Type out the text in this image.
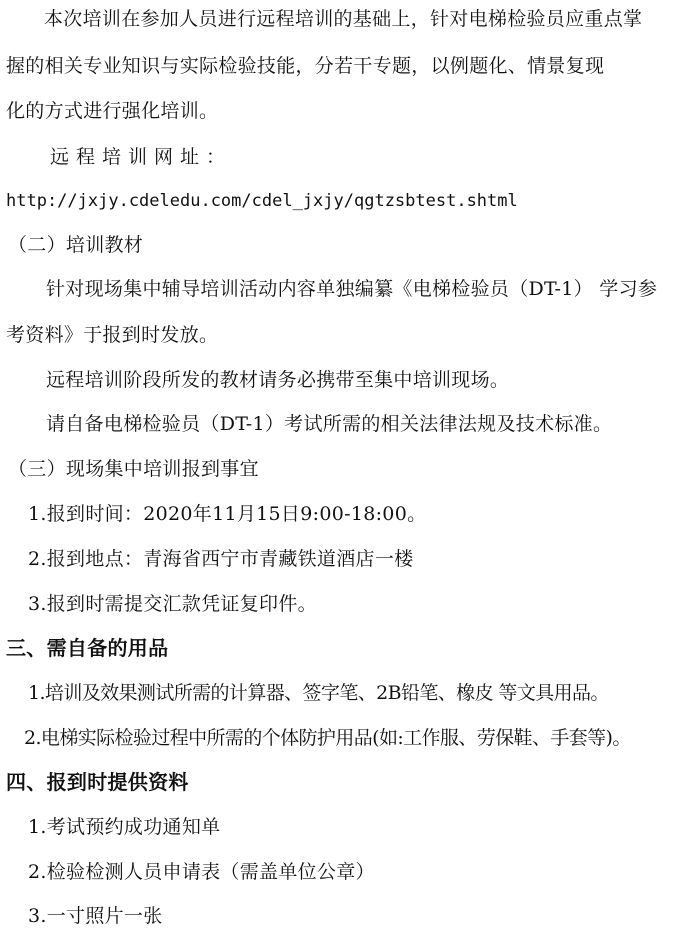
本次培训在参加人员进行远程培训的基础上，针对电梯检验员应重点掌
握的相关专业知识与实际检验技能，分若干专题，以例题化、情景复现
化的方式进行强化培训。
远程培训网址：
http://jxjy.cdeledu.com/cdel_jxjy/qgtzsbtest.shtml
（二）培训教材
针对现场集中辅导培训活动内容单独编纂《电梯检验员（DT-1） 学习参
考资料》于报到时发放。
远程培训阶段所发的教材请务必携带至集中培训现场。
请自备电梯检验员（DT-1）考试所需的相关法律法规及技术标准。
（三）现场集中培训报到事宜
1.报到时间：2020年11月15日9:00-18:00。
2.报到地点：青海省西宁市青藏铁道酒店一楼
3.报到时需提交汇款凭证复印件。
三、需自备的用品
1.培训及效果测试所需的计算器、签字笔、2B铅笔、橡皮 等文具用品。
2.电梯实际检验过程中所需的个体防护用品(如:工作服、劳保鞋、手套等)。
四、报到时提供资料
1.考试预约成功通知单
2.检验检测人员申请表（需盖单位公章）
3.一寸照片一张
